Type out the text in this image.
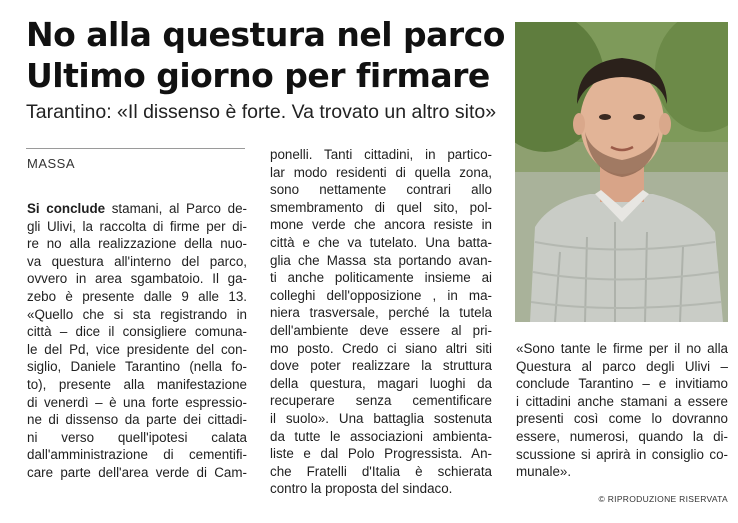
No alla questura nel parco
Ultimo giorno per firmare
Tarantino: «Il dissenso è forte. Va trovato un altro sito»
MASSA
Si conclude stamani, al Parco de-
gli Ulivi, la raccolta di firme per di-
re no alla realizzazione della nuo-
va questura all'interno del parco,
ovvero in area sgambatoio. Il ga-
zebo è presente dalle 9 alle 13.
«Quello che si sta registrando in
città – dice il consigliere comuna-
le del Pd, vice presidente del con-
siglio, Daniele Tarantino (nella fo-
to), presente alla manifestazione
di venerdì – è una forte espressio-
ne di dissenso da parte dei cittadi-
ni verso quell'ipotesi calata
dall'amministrazione di cementifi-
care parte dell'area verde di Cam-
ponelli. Tanti cittadini, in partico-
lar modo residenti di quella zona,
sono nettamente contrari allo
smembramento di quel sito, pol-
mone verde che ancora resiste in
città e che va tutelato. Una batta-
glia che Massa sta portando avan-
ti anche politicamente insieme ai
colleghi dell'opposizione , in ma-
niera trasversale, perché la tutela
dell'ambiente deve essere al pri-
mo posto. Credo ci siano altri siti
dove poter realizzare la struttura
della questura, magari luoghi da
recuperare senza cementificare
il suolo». Una battaglia sostenuta
da tutte le associazioni ambienta-
liste e dal Polo Progressista. An-
che Fratelli d'Italia è schierata
contro la proposta del sindaco.
«Sono tante le firme per il no alla
Questura al parco degli Ulivi –
conclude Tarantino – e invitiamo
i cittadini anche stamani a essere
presenti così come lo dovranno
essere, numerosi, quando la di-
scussione si aprirà in consiglio co-
munale».
© RIPRODUZIONE RISERVATA
